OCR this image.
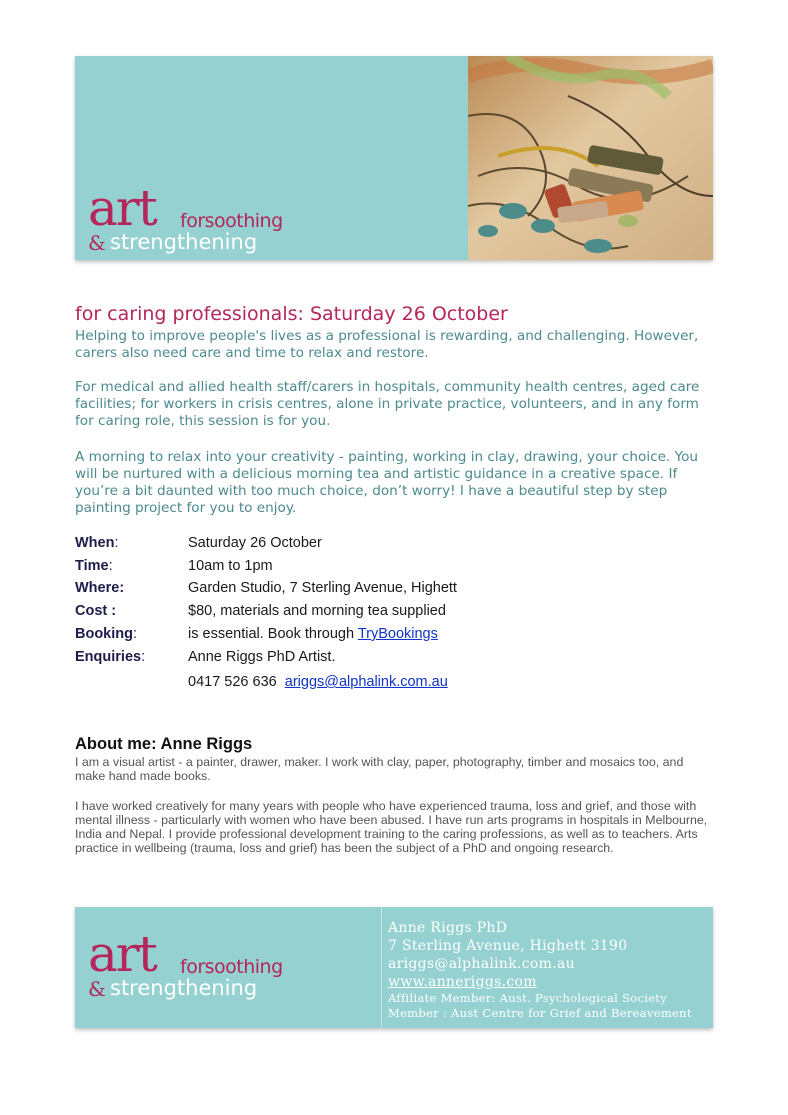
art forsoothing
& strengthening
for caring professionals: Saturday 26 October

Helping to improve people's lives as a professional is rewarding, and challenging. However, carers also need care and time to relax and restore.

For medical and allied health staff/carers in hospitals, community health centres, aged care facilities; for workers in crisis centres, alone in private practice, volunteers, and in any form for caring role, this session is for you.

A morning to relax into your creativity - painting, working in clay, drawing, your choice. You will be nurtured with a delicious morning tea and artistic guidance in a creative space. If you’re a bit daunted with too much choice, don’t worry! I have a beautiful step by step painting project for you to enjoy.

When:	Saturday 26 October
Time:	10am to 1pm
Where:	Garden Studio, 7 Sterling Avenue, Highett
Cost :	$80, materials and morning tea supplied
Booking:	is essential. Book through TryBookings
Enquiries:	Anne Riggs PhD Artist.
0417 526 636 ariggs@alphalink.com.au
About me: Anne Riggs

I am a visual artist - a painter, drawer, maker. I work with clay, paper, photography, timber and mosaics too, and make hand made books.

I have worked creatively for many years with people who have experienced trauma, loss and grief, and those with mental illness - particularly with women who have been abused. I have run arts programs in hospitals in Melbourne, India and Nepal. I provide professional development training to the caring professions, as well as to teachers. Arts practice in wellbeing (trauma, loss and grief) has been the subject of a PhD and ongoing research.

art forsoothing
& strengthening
Anne Riggs PhD
7 Sterling Avenue, Highett 3190
ariggs@alphalink.com.au
www.anneriggs.com
Affiliate Member: Aust. Psychological Society
Member : Aust Centre for Grief and Bereavement
